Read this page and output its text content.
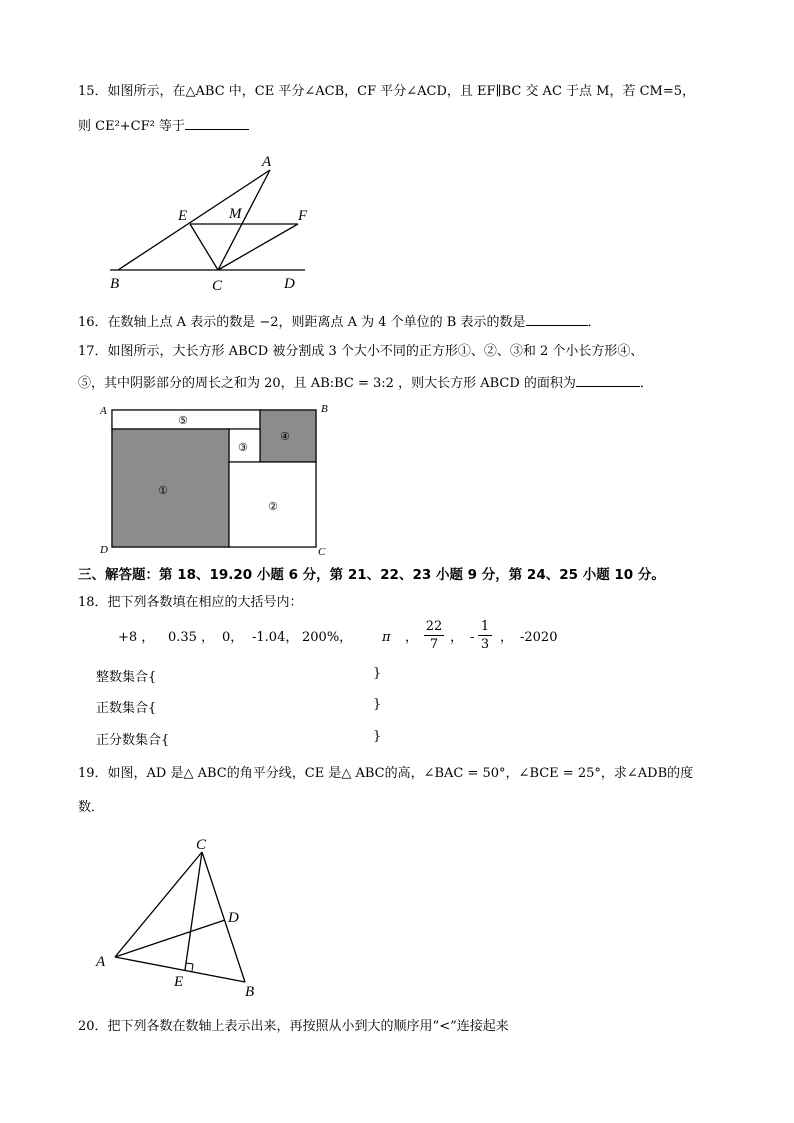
15．如图所示，在△ABC 中，CE 平分∠ACB，CF 平分∠ACD，且 EF∥BC 交 AC 于点 M，若 CM=5，
则 CE²+CF² 等于
A
E	M	F
B	C	D
16．在数轴上点 A 表示的数是 −2，则距离点 A 为 4 个单位的 B 表示的数是	．
17．如图所示，大长方形 ABCD 被分割成 3 个大小不同的正方形①、②、③和 2 个小长方形④、
⑤，其中阴影部分的周长之和为 20，且 AB:BC = 3:2 ，则大长方形 ABCD 的面积为	．
⑤
④
③
①
②
A	B
C
D
三、解答题：第 18、19.20 小题 6 分，第 21、22、23 小题 9 分，第 24、25 小题 10 分。
18．把下列各数填在相应的大括号内：
+8 ， 0.35 ， 0， -1.04， 200%， π ，
22
7 ， -
1
3 ， -2020
整数集合{	}
正数集合{	}
正分数集合{	}
19．如图，AD 是△ ABC的角平分线，CE 是△ ABC的高，∠BAC = 50°，∠BCE = 25°，求∠ADB的度
数．
C
D
A
E
B
20．把下列各数在数轴上表示出来，再按照从小到大的顺序用“<”连接起来
